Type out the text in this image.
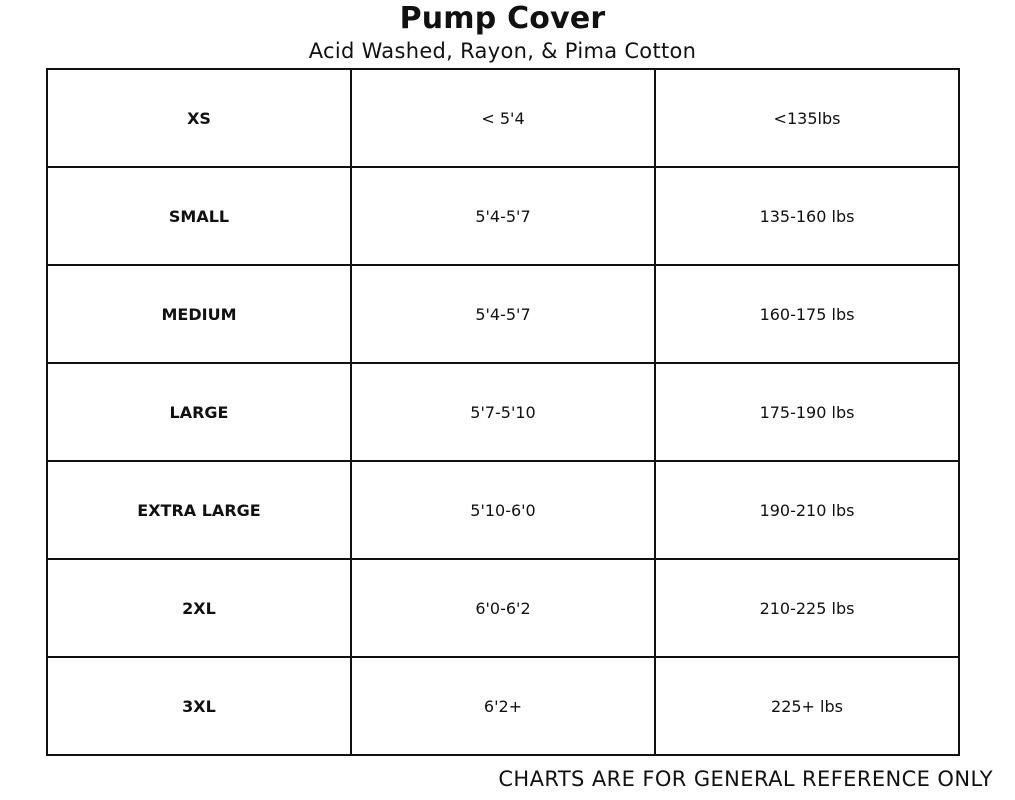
Pump Cover
Acid Washed, Rayon, & Pima Cotton
XS	< 5'4	<135lbs
SMALL	5'4-5'7	135-160 lbs
MEDIUM	5'4-5'7	160-175 lbs
LARGE	5'7-5'10	175-190 lbs
EXTRA LARGE	5'10-6'0	190-210 lbs
2XL	6'0-6'2	210-225 lbs
3XL	6'2+	225+ lbs
CHARTS ARE FOR GENERAL REFERENCE ONLY
